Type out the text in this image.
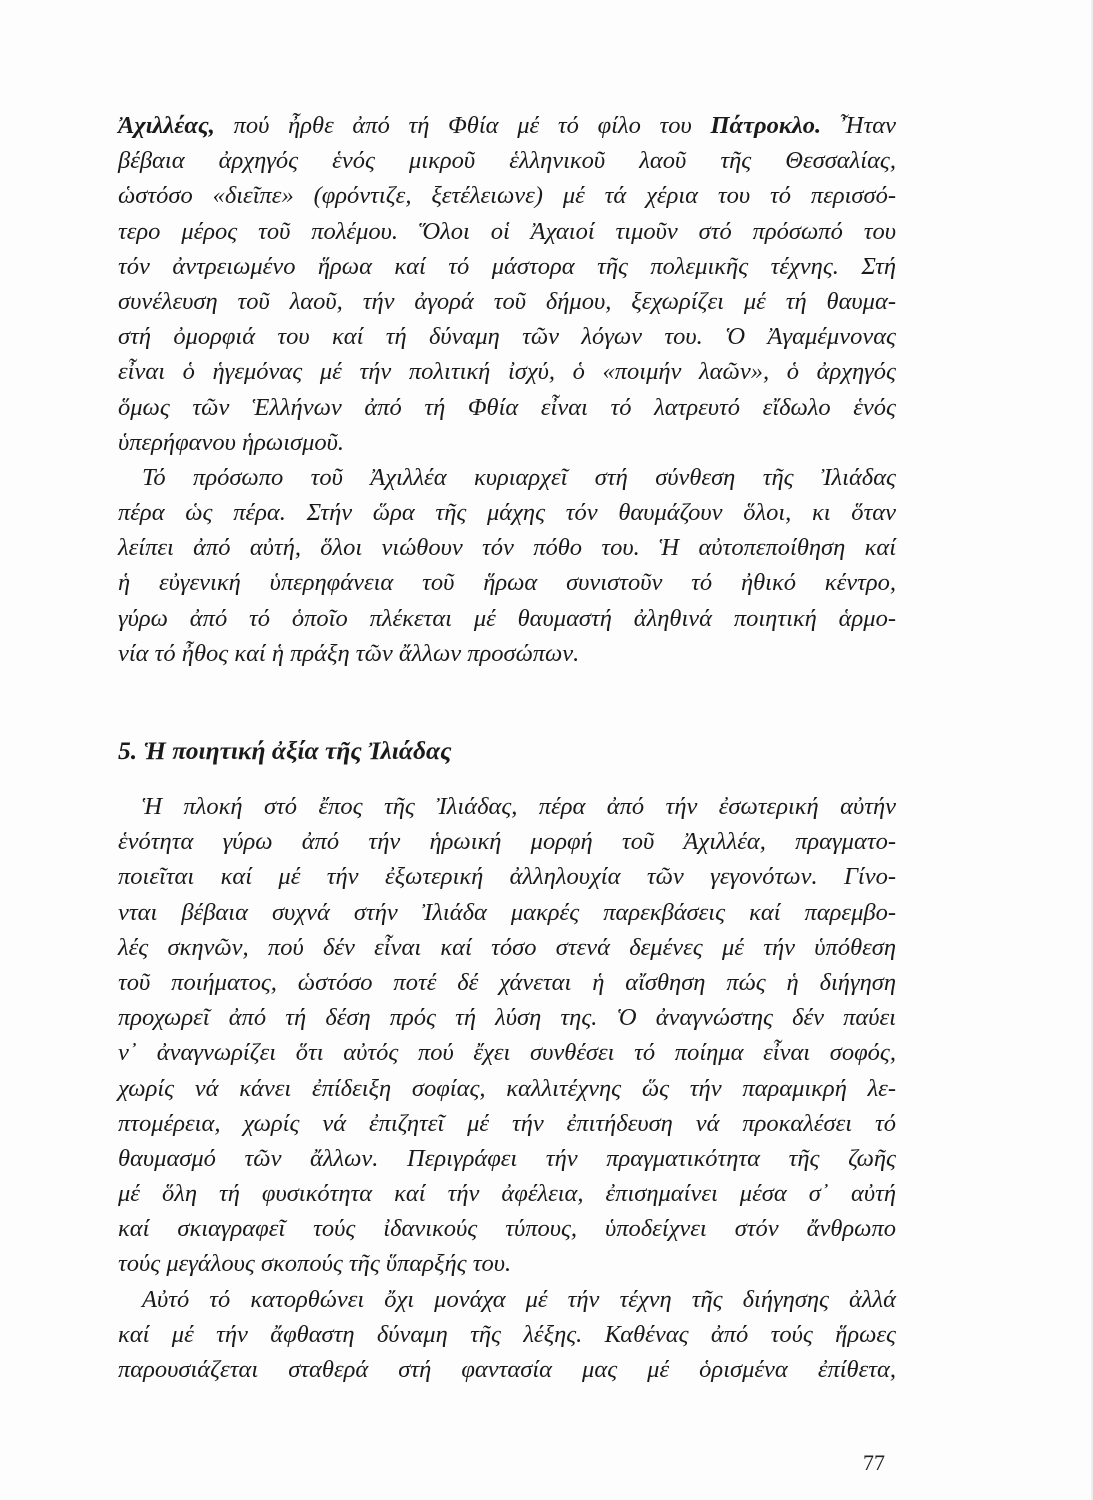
Ἀχιλλέας, πού ἦρθε ἀπό τή Φθία μέ τό φίλο του Πάτροκλο. Ἦταν
βέβαια ἀρχηγός ἑνός μικροῦ ἑλληνικοῦ λαοῦ τῆς Θεσσαλίας,
ὡστόσο «διεῖπε» (φρόντιζε, ξετέλειωνε) μέ τά χέρια του τό περισσό-
τερο μέρος τοῦ πολέμου. Ὅλοι οἱ Ἀχαιοί τιμοῦν στό πρόσωπό του
τόν ἀντρειωμένο ἥρωα καί τό μάστορα τῆς πολεμικῆς τέχνης. Στή
συνέλευση τοῦ λαοῦ, τήν ἀγορά τοῦ δήμου, ξεχωρίζει μέ τή θαυμα-
στή ὀμορφιά του καί τή δύναμη τῶν λόγων του. Ὁ Ἀγαμέμνονας
εἶναι ὁ ἡγεμόνας μέ τήν πολιτική ἰσχύ, ὁ «ποιμήν λαῶν», ὁ ἀρχηγός
ὅμως τῶν Ἑλλήνων ἀπό τή Φθία εἶναι τό λατρευτό εἴδωλο ἑνός
ὑπερήφανου ἡρωισμοῦ.
Τό πρόσωπο τοῦ Ἀχιλλέα κυριαρχεῖ στή σύνθεση τῆς Ἰλιάδας
πέρα ὡς πέρα. Στήν ὥρα τῆς μάχης τόν θαυμάζουν ὅλοι, κι ὅταν
λείπει ἀπό αὐτή, ὅλοι νιώθουν τόν πόθο του. Ἡ αὐτοπεποίθηση καί
ἡ εὐγενική ὑπερηφάνεια τοῦ ἥρωα συνιστοῦν τό ἠθικό κέντρο,
γύρω ἀπό τό ὁποῖο πλέκεται μέ θαυμαστή ἀληθινά ποιητική ἁρμο-
νία τό ἦθος καί ἡ πράξη τῶν ἄλλων προσώπων.
5. Ἡ ποιητική ἀξία τῆς Ἰλιάδας
Ἡ πλοκή στό ἔπος τῆς Ἰλιάδας, πέρα ἀπό τήν ἐσωτερική αὐτήν
ἑνότητα γύρω ἀπό τήν ἡρωική μορφή τοῦ Ἀχιλλέα, πραγματο-
ποιεῖται καί μέ τήν ἐξωτερική ἀλληλουχία τῶν γεγονότων. Γίνο-
νται βέβαια συχνά στήν Ἰλιάδα μακρές παρεκβάσεις καί παρεμβο-
λές σκηνῶν, πού δέν εἶναι καί τόσο στενά δεμένες μέ τήν ὑπόθεση
τοῦ ποιήματος, ὡστόσο ποτέ δέ χάνεται ἡ αἴσθηση πώς ἡ διήγηση
προχωρεῖ ἀπό τή δέση πρός τή λύση της. Ὁ ἀναγνώστης δέν παύει
ν᾿ ἀναγνωρίζει ὅτι αὐτός πού ἔχει συνθέσει τό ποίημα εἶναι σοφός,
χωρίς νά κάνει ἐπίδειξη σοφίας, καλλιτέχνης ὥς τήν παραμικρή λε-
πτομέρεια, χωρίς νά ἐπιζητεῖ μέ τήν ἐπιτήδευση νά προκαλέσει τό
θαυμασμό τῶν ἄλλων. Περιγράφει τήν πραγματικότητα τῆς ζωῆς
μέ ὅλη τή φυσικότητα καί τήν ἀφέλεια, ἐπισημαίνει μέσα σ᾿ αὐτή
καί σκιαγραφεῖ τούς ἰδανικούς τύπους, ὑποδείχνει στόν ἄνθρωπο
τούς μεγάλους σκοπούς τῆς ὕπαρξής του.
Αὐτό τό κατορθώνει ὄχι μονάχα μέ τήν τέχνη τῆς διήγησης ἀλλά
καί μέ τήν ἄφθαστη δύναμη τῆς λέξης. Καθένας ἀπό τούς ἥρωες
παρουσιάζεται σταθερά στή φαντασία μας μέ ὁρισμένα ἐπίθετα,
77
